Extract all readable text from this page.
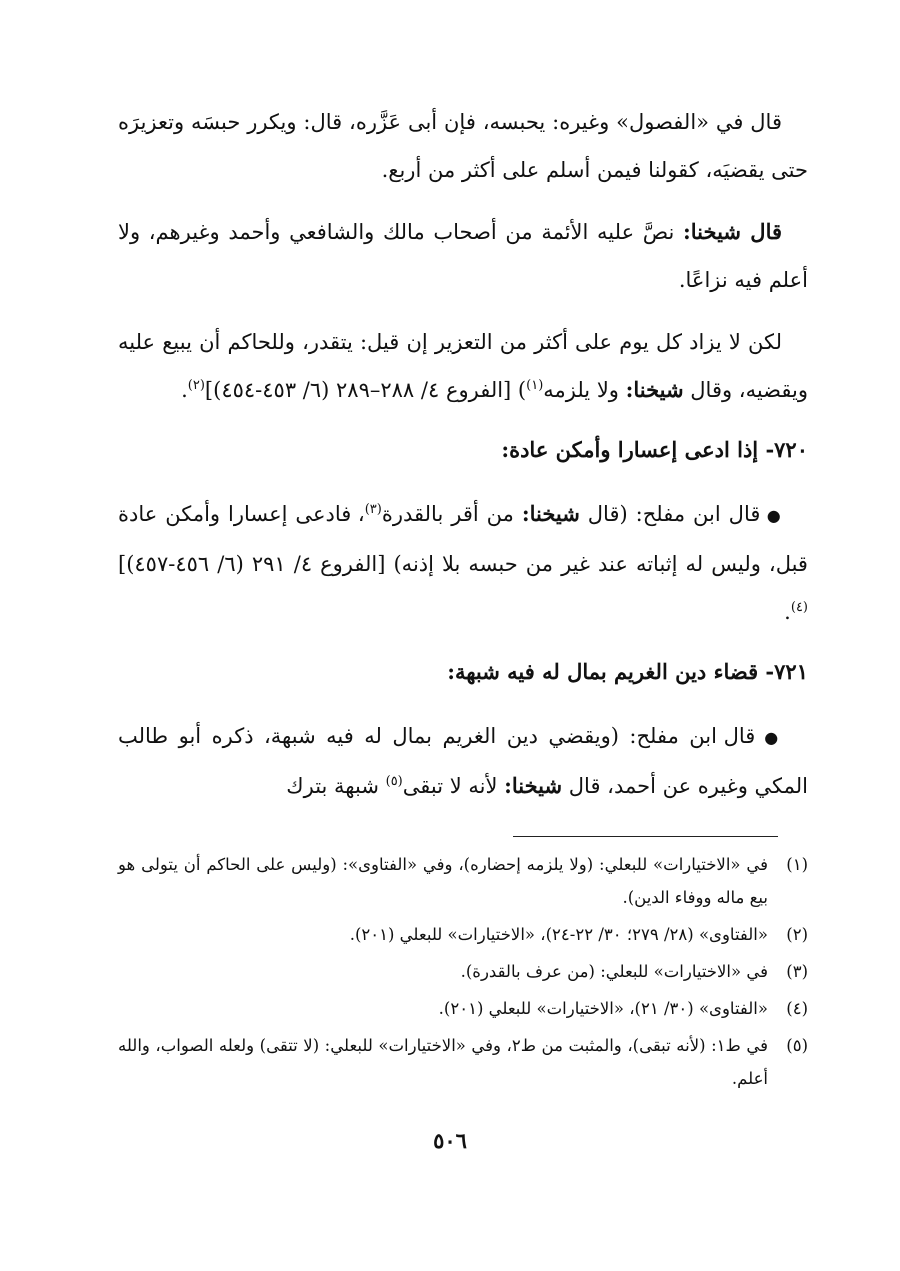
قال في «الفصول» وغيره: يحبسه، فإن أبى عَزَّره، قال: ويكرر حبسَه وتعزيرَه حتى يقضيَه، كقولنا فيمن أسلم على أكثر من أربع.

قال شيخنا: نصَّ عليه الأئمة من أصحاب مالك والشافعي وأحمد وغيرهم، ولا أعلم فيه نزاعًا.

لكن لا يزاد كل يوم على أكثر من التعزير إن قيل: يتقدر، وللحاكم أن يبيع عليه ويقضيه، وقال شيخنا: ولا يلزمه$^{(١)}$) [الفروع ٤/ ٢٨٨–٢٨٩ (٦/ ٤٥٣-٤٥٤)]$^{(٢)}$.

٧٢٠- إذا ادعى إعسارا وأمكن عادة:

● قال ابن مفلح: (قال شيخنا: من أقر بالقدرة$^{(٣)}$، فادعى إعسارا وأمكن عادة قبل، وليس له إثباته عند غير من حبسه بلا إذنه) [الفروع ٤/ ٢٩١ (٦/ ٤٥٦-٤٥٧)]$^{(٤)}$.

٧٢١- قضاء دين الغريم بمال له فيه شبهة:

● قال ابن مفلح: (ويقضي دين الغريم بمال له فيه شبهة، ذكره أبو طالب المكي وغيره عن أحمد، قال شيخنا: لأنه لا تبقى$^{(٥)}$ شبهة بترك

(١)
في «الاختيارات» للبعلي: (ولا يلزمه إحضاره)، وفي «الفتاوى»: (وليس على الحاكم أن يتولى هو بيع ماله ووفاء الدين).
(٢)
«الفتاوى» (٢٨/ ٢٧٩؛ ٣٠/ ٢٢-٢٤)، «الاختيارات» للبعلي (٢٠١).
(٣)
في «الاختيارات» للبعلي: (من عرف بالقدرة).
(٤)
«الفتاوى» (٣٠/ ٢١)، «الاختيارات» للبعلي (٢٠١).
(٥)
في ط١: (لأنه تبقى)، والمثبت من ط٢، وفي «الاختيارات» للبعلي: (لا تتقى) ولعله الصواب، والله أعلم.
٥٠٦
